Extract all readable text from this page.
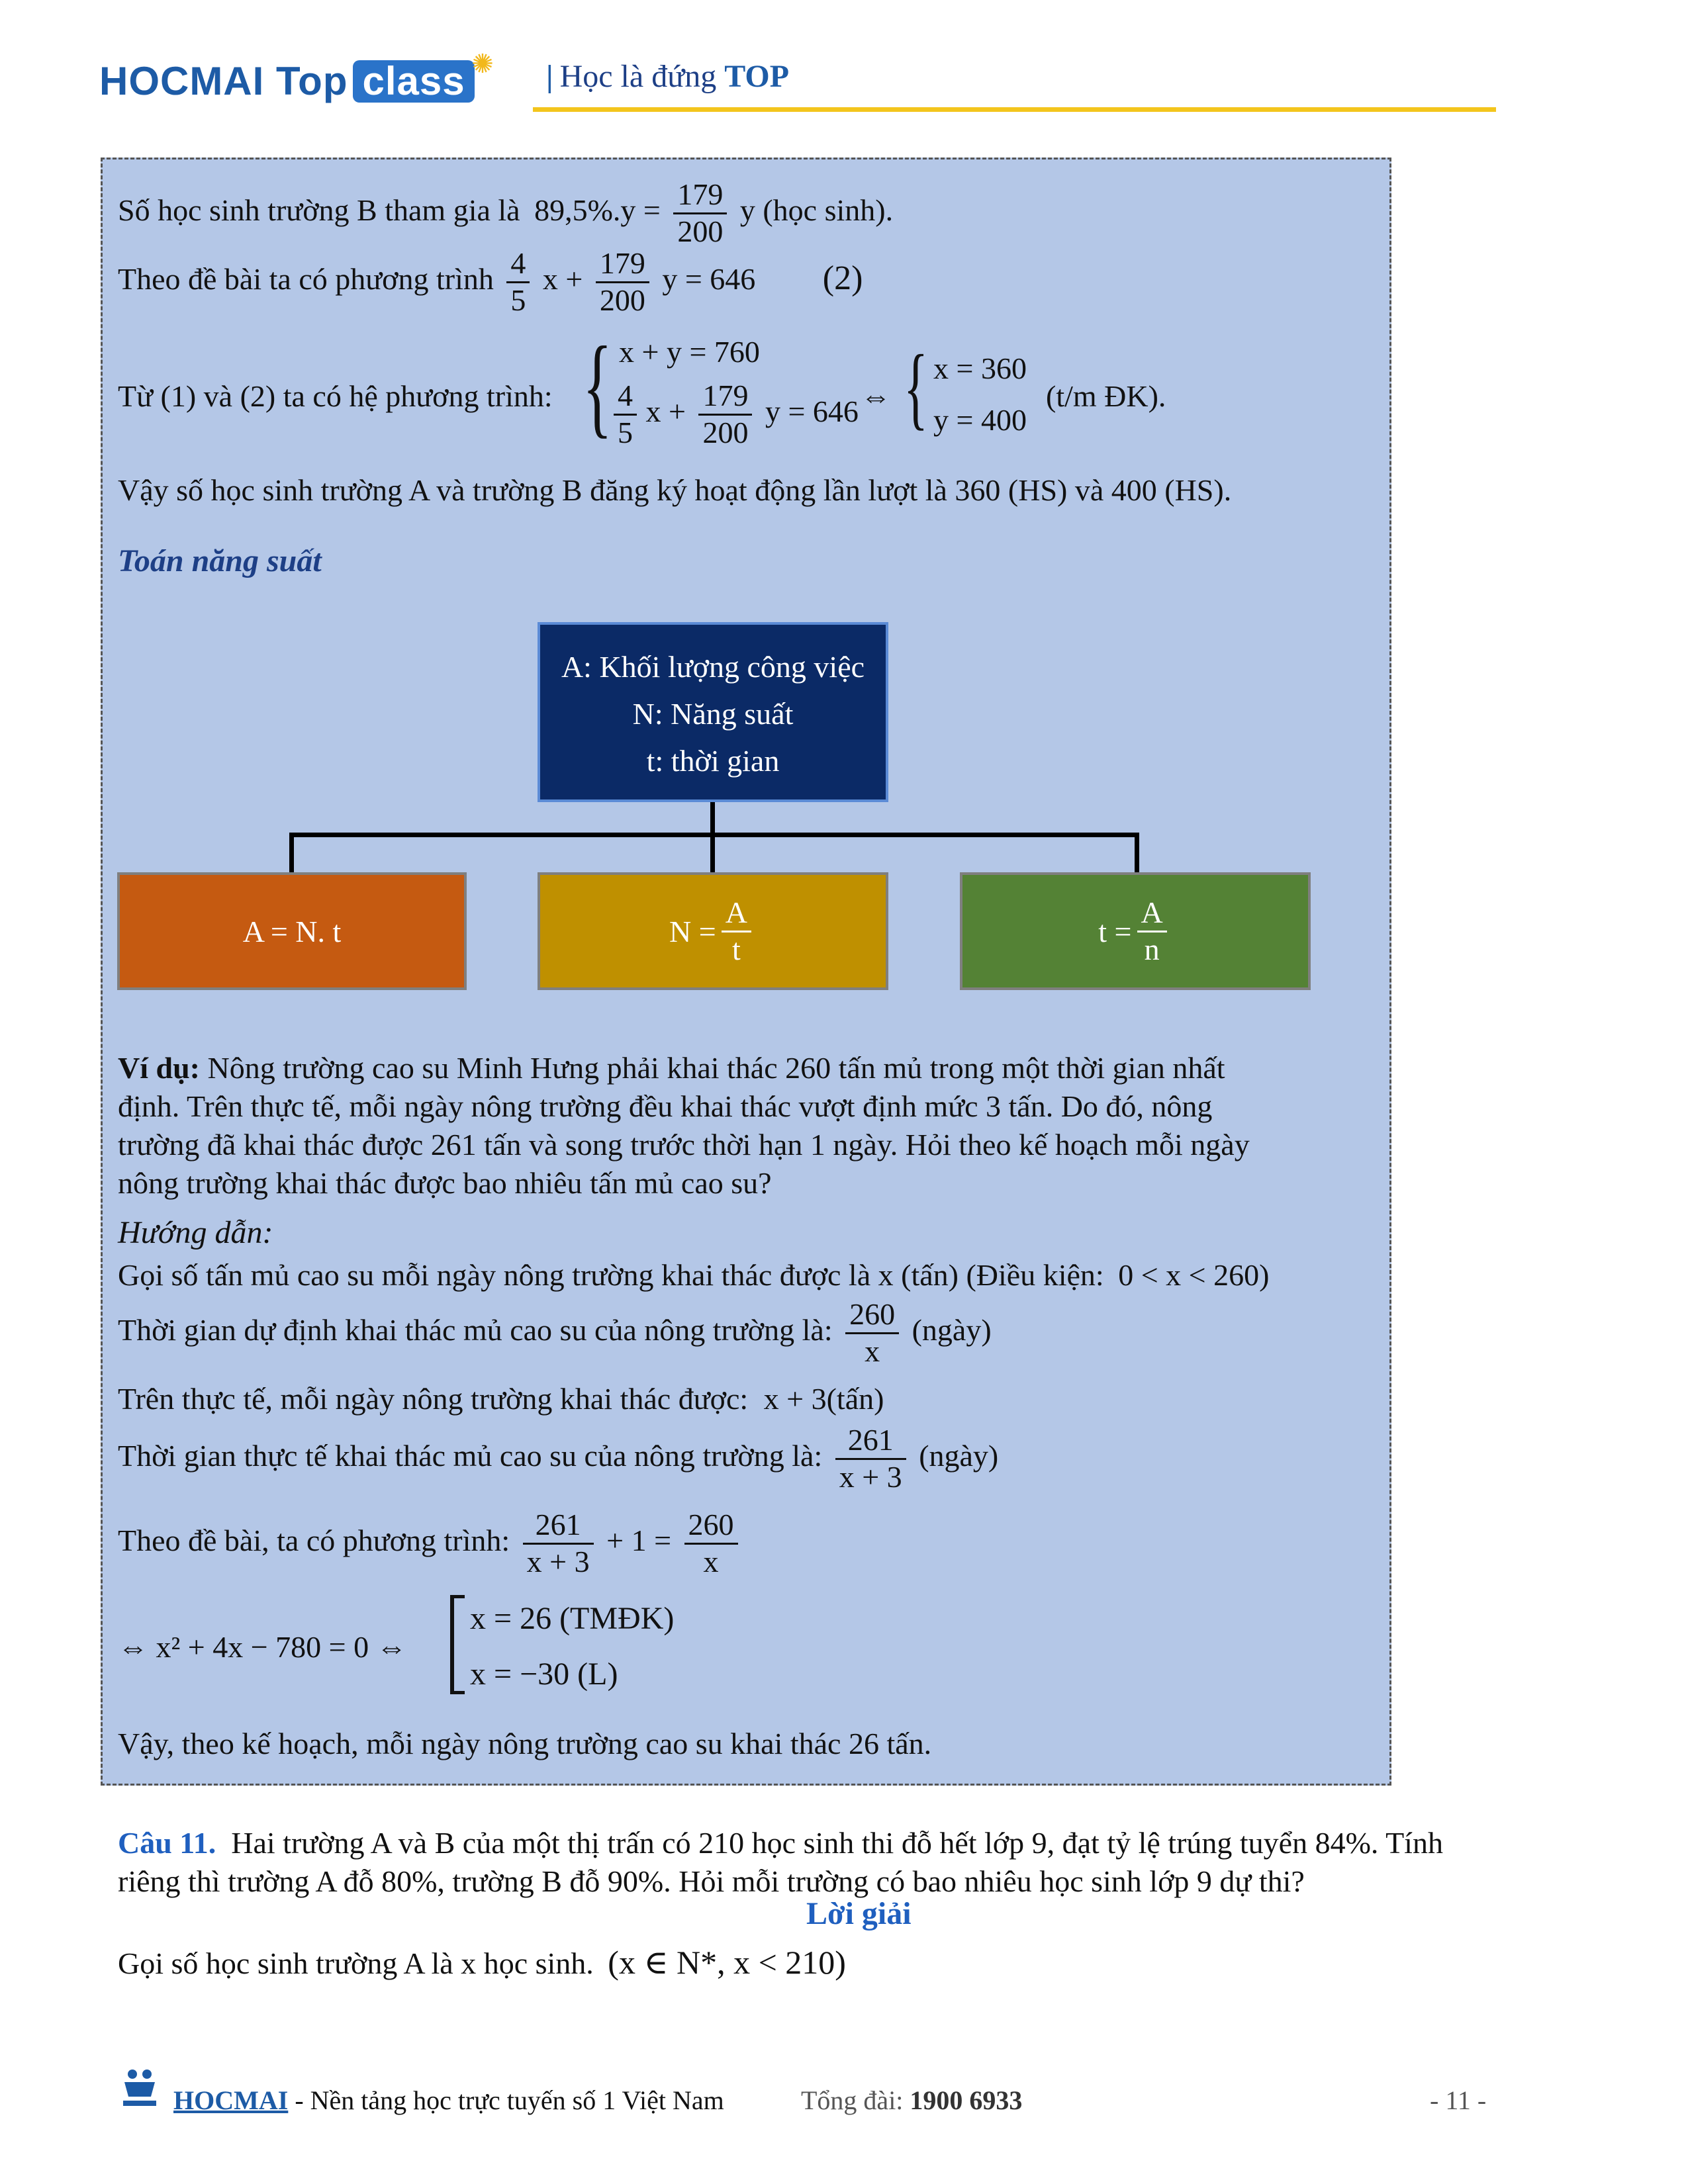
HOCMAI Top class ✺ | Học là đứng TOP
Số học sinh trường B tham gia là $89,5\%.y = \frac{179}{200}$ y (học sinh).
Theo đề bài ta có phương trình $\frac{4}{5}$ $x + \frac{179}{200}$ y = 646 (2)
Từ (1) và (2) ta có hệ phương trình: { x + y = 760
$\frac{4}{5}$ $x + \frac{179}{200}$ y = 646 ⇔ { x = 360
y = 400
(t/m ĐK).
Vậy số học sinh trường A và trường B đăng ký hoạt động lần lượt là 360 (HS) và 400 (HS).
Toán năng suất
A: Khối lượng công việc
N: Năng suất
t: thời gian
A = N. t	$N = \frac{A}{t}$	$t = \frac{A}{n}$
Ví dụ: Nông trường cao su Minh Hưng phải khai thác 260 tấn mủ trong một thời gian nhất
định. Trên thực tế, mỗi ngày nông trường đều khai thác vượt định mức 3 tấn. Do đó, nông
trường đã khai thác được 261 tấn và song trước thời hạn 1 ngày. Hỏi theo kế hoạch mỗi ngày
nông trường khai thác được bao nhiêu tấn mủ cao su?
Hướng dẫn:
Gọi số tấn mủ cao su mỗi ngày nông trường khai thác được là x (tấn) (Điều kiện: 0 < x < 260)
Thời gian dự định khai thác mủ cao su của nông trường là: $\frac{260}{x}$ (ngày)
Trên thực tế, mỗi ngày nông trường khai thác được: x + 3(tấn)
Thời gian thực tế khai thác mủ cao su của nông trường là: $\frac{261}{x + 3}$ (ngày)
Theo đề bài, ta có phương trình: $\frac{261}{x + 3} + 1 = \frac{260}{x}$
⇔ x² + 4x − 780 = 0 ⇔
x = 26 (TMĐK)
x = −30 (L)
Vậy, theo kế hoạch, mỗi ngày nông trường cao su khai thác 26 tấn.
Câu 11. Hai trường A và B của một thị trấn có 210 học sinh thi đỗ hết lớp 9, đạt tỷ lệ trúng tuyển 84%. Tính
riêng thì trường A đỗ 80%, trường B đỗ 90%. Hỏi mỗi trường có bao nhiêu học sinh lớp 9 dự thi?
Lời giải
Gọi số học sinh trường A là x học sinh. (x ∈ N*, x < 210)
HOCMAI - Nền tảng học trực tuyến số 1 Việt Nam	Tổng đài: 1900 6933	- 11 -
